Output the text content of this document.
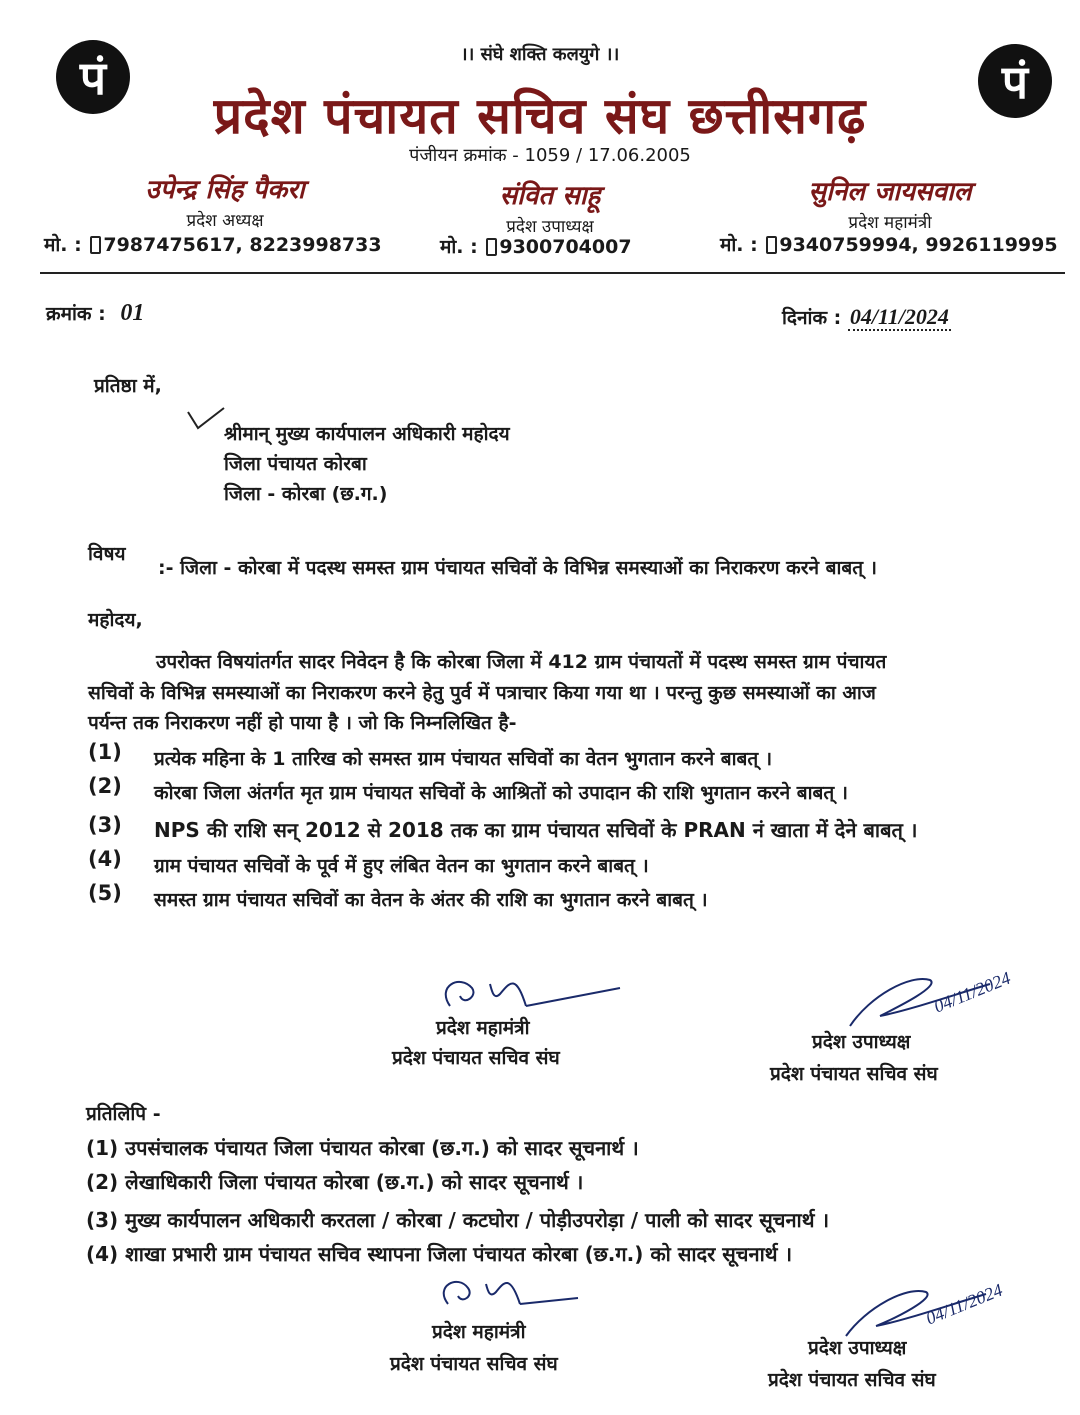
पं	पं
।। संघे शक्ति कलयुगे ।।
प्रदेश पंचायत सचिव संघ छत्तीसगढ़
पंजीयन क्रमांक - 1059 / 17.06.2005
उपेन्द्र सिंह पैकरा
प्रदेश अध्यक्ष
मो. : 7987475617, 8223998733
संवित साहू
प्रदेश उपाध्यक्ष
मो. : 9300704007
सुनिल जायसवाल
प्रदेश महामंत्री
मो. : 9340759994, 9926119995
क्रमांक : 01	दिनांक : 04/11/2024
प्रतिष्ठा में,
श्रीमान् मुख्य कार्यपालन अधिकारी महोदय
जिला पंचायत कोरबा
जिला - कोरबा (छ.ग.)
विषय
:- जिला - कोरबा में पदस्थ समस्त ग्राम पंचायत सचिवों के विभिन्न समस्याओं का निराकरण करने बाबत् ।
महोदय,
उपरोक्त विषयांतर्गत सादर निवेदन है कि कोरबा जिला में 412 ग्राम पंचायतों में पदस्थ समस्त ग्राम पंचायत
सचिवों के विभिन्न समस्याओं का निराकरण करने हेतु पुर्व में पत्राचार किया गया था । परन्तु कुछ समस्याओं का आज
पर्यन्त तक निराकरण नहीं हो पाया है । जो कि निम्नलिखित है-
(1) प्रत्येक महिना के 1 तारिख को समस्त ग्राम पंचायत सचिवों का वेतन भुगतान करने बाबत् ।
(2) कोरबा जिला अंतर्गत मृत ग्राम पंचायत सचिवों के आश्रितों को उपादान की राशि भुगतान करने बाबत् ।
(3) NPS की राशि सन् 2012 से 2018 तक का ग्राम पंचायत सचिवों के PRAN नं खाता में देने बाबत् ।
(4) ग्राम पंचायत सचिवों के पूर्व में हुए लंबित वेतन का भुगतान करने बाबत् ।
(5) समस्त ग्राम पंचायत सचिवों का वेतन के अंतर की राशि का भुगतान करने बाबत् ।
प्रदेश महामंत्री
प्रदेश पंचायत सचिव संघ
04/11/2024
प्रदेश उपाध्यक्ष
प्रदेश पंचायत सचिव संघ
प्रतिलिपि -
(1) उपसंचालक पंचायत जिला पंचायत कोरबा (छ.ग.) को सादर सूचनार्थ ।
(2) लेखाधिकारी जिला पंचायत कोरबा (छ.ग.) को सादर सूचनार्थ ।
(3) मुख्य कार्यपालन अधिकारी करतला / कोरबा / कटघोरा / पोड़ीउपरोड़ा / पाली को सादर सूचनार्थ ।
(4) शाखा प्रभारी ग्राम पंचायत सचिव स्थापना जिला पंचायत कोरबा (छ.ग.) को सादर सूचनार्थ ।
प्रदेश महामंत्री
प्रदेश पंचायत सचिव संघ
04/11/2024
प्रदेश उपाध्यक्ष
प्रदेश पंचायत सचिव संघ
